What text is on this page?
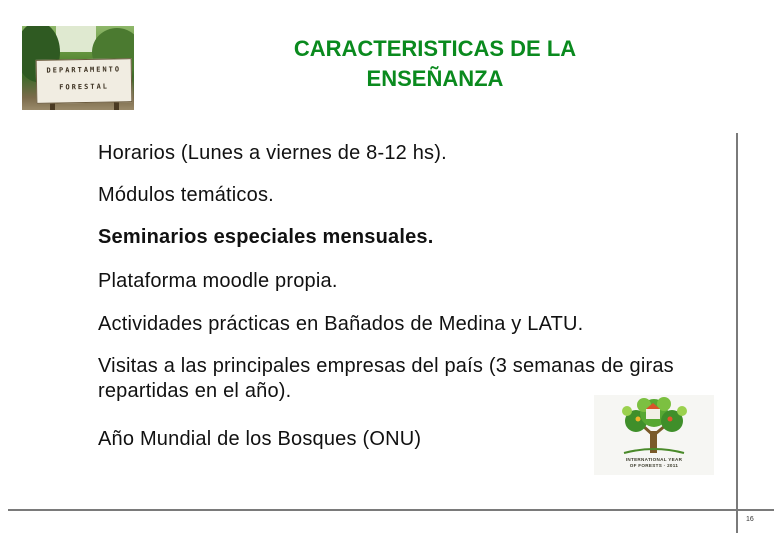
DEPARTAMENTO
FORESTAL
CARACTERISTICAS DE LA
ENSEÑANZA
Horarios (Lunes a viernes de 8-12 hs).
Módulos temáticos.
Seminarios especiales mensuales.
Plataforma moodle propia.
Actividades prácticas en Bañados de Medina y LATU.
Visitas a las principales empresas del país (3 semanas de giras repartidas en el año).
Año Mundial de los Bosques (ONU)
INTERNATIONAL YEAR
OF FORESTS · 2011
16
